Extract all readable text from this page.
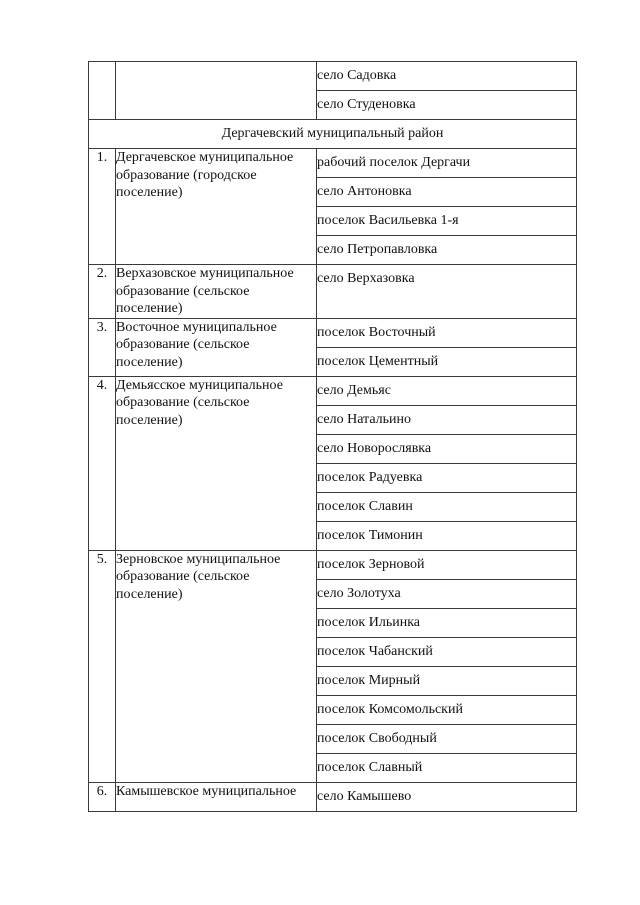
		село Садовка
		село Студеновка
Дергачевский муниципальный район		
1.	Дергачевское муниципальное образование (городское поселение)	рабочий поселок Дергачи
		село Антоновка
		поселок Васильевка 1-я
		село Петропавловка
2.	Верхазовское муниципальное образование (сельское поселение)	село Верхазовка
3.	Восточное муниципальное образование (сельское поселение)	поселок Восточный
		поселок Цементный
4.	Демьясское муниципальное образование (сельское поселение)	село Демьяс
		село Натальино
		село Новорослявка
		поселок Радуевка
		поселок Славин
		поселок Тимонин
5.	Зерновское муниципальное образование (сельское поселение)	поселок Зерновой
		село Золотуха
		поселок Ильинка
		поселок Чабанский
		поселок Мирный
		поселок Комсомольский
		поселок Свободный
		поселок Славный
6.	Камышевское муниципальное	село Камышево
